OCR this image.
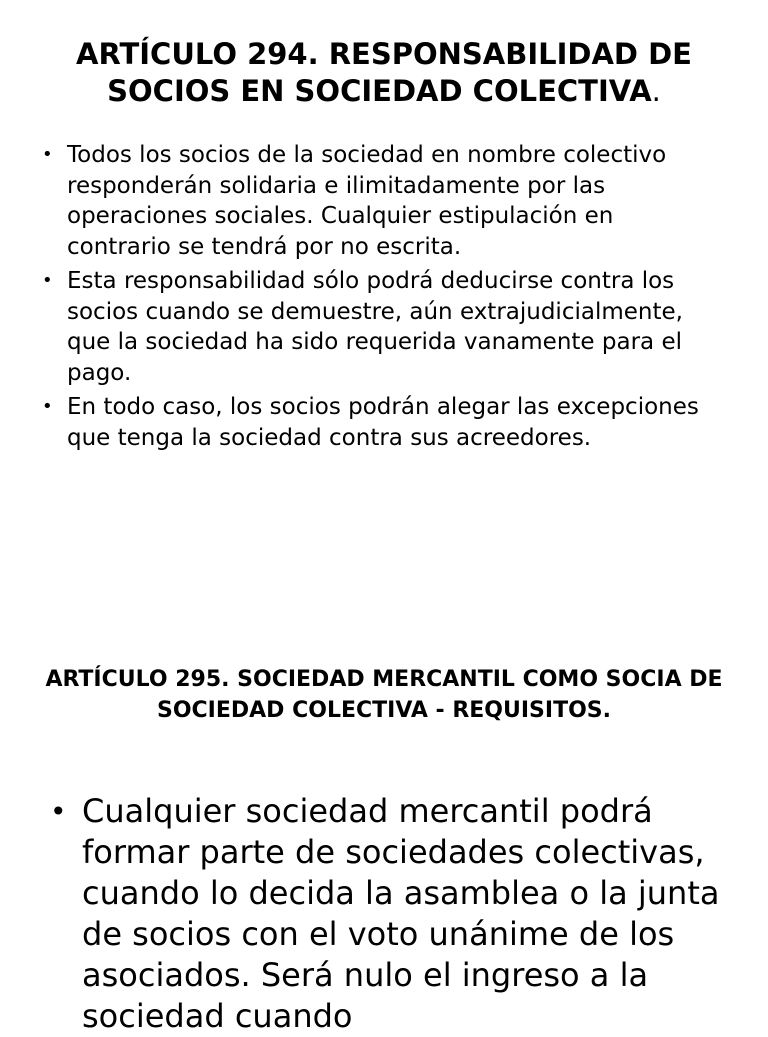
ARTÍCULO 294. RESPONSABILIDAD DE SOCIOS EN SOCIEDAD COLECTIVA.
• Todos los socios de la sociedad en nombre colectivo responderán solidaria e ilimitadamente por las operaciones sociales. Cualquier estipulación en contrario se tendrá por no escrita.
• Esta responsabilidad sólo podrá deducirse contra los socios cuando se demuestre, aún extrajudicialmente, que la sociedad ha sido requerida vanamente para el pago.
• En todo caso, los socios podrán alegar las excepciones que tenga la sociedad contra sus acreedores.
ARTÍCULO 295. SOCIEDAD MERCANTIL COMO SOCIA DE SOCIEDAD COLECTIVA - REQUISITOS.
• Cualquier sociedad mercantil podrá formar parte de sociedades colectivas, cuando lo decida la asamblea o la junta de socios con el voto unánime de los asociados. Será nulo el ingreso a la sociedad cuando
